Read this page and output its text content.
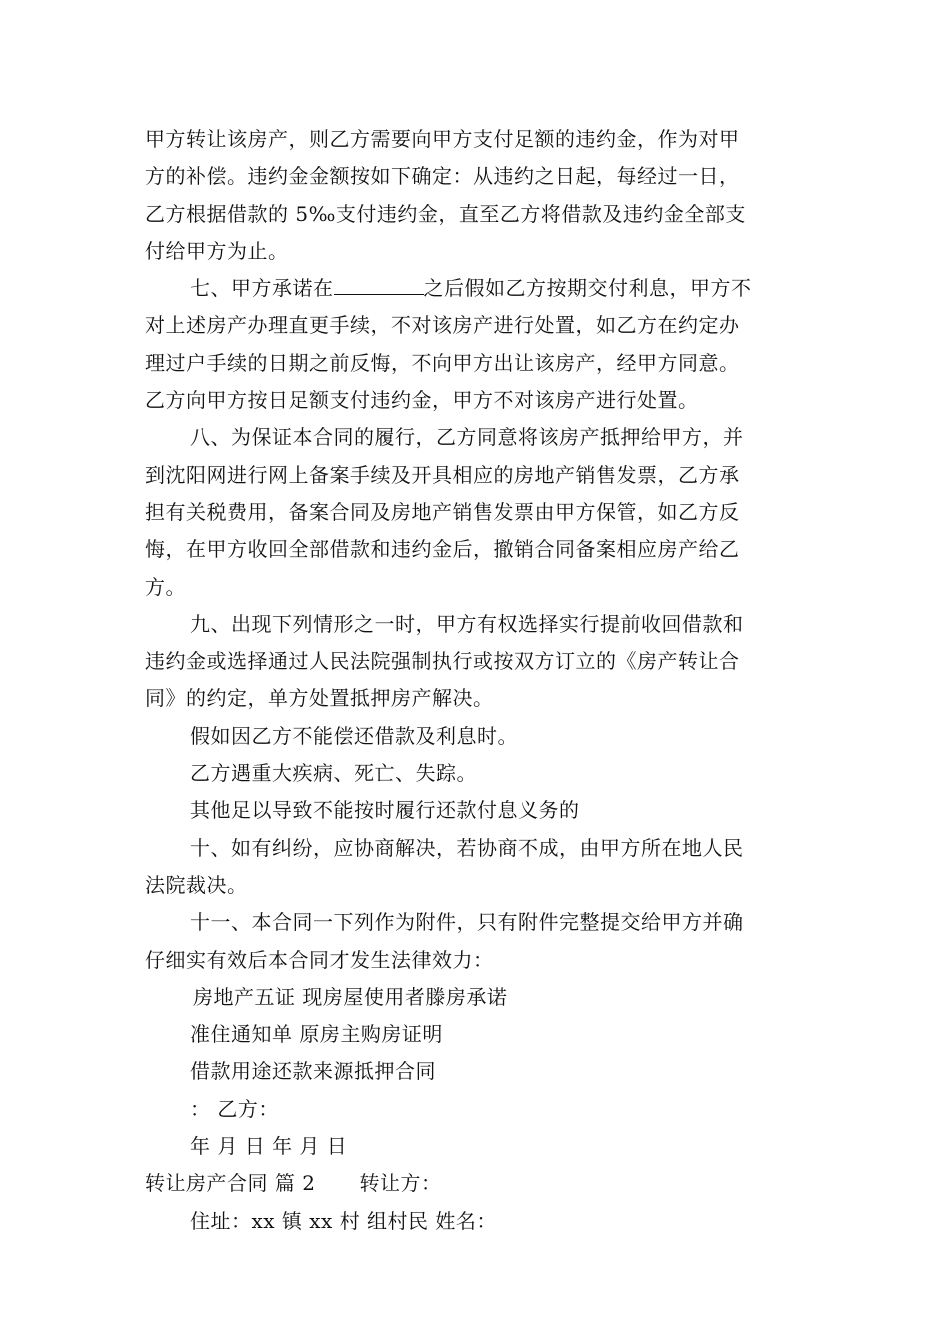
甲方转让该房产，则乙方需要向甲方支付足额的违约金，作为对甲
方的补偿。违约金金额按如下确定：从违约之日起，每经过一日，
乙方根据借款的 5‰支付违约金，直至乙方将借款及违约金全部支
付给甲方为止。
七、甲方承诺在	之后假如乙方按期交付利息，甲方不
对上述房产办理直更手续，不对该房产进行处置，如乙方在约定办
理过户手续的日期之前反悔，不向甲方出让该房产，经甲方同意。
乙方向甲方按日足额支付违约金，甲方不对该房产进行处置。
八、为保证本合同的履行，乙方同意将该房产抵押给甲方，并
到沈阳网进行网上备案手续及开具相应的房地产销售发票，乙方承
担有关税费用，备案合同及房地产销售发票由甲方保管，如乙方反
悔，在甲方收回全部借款和违约金后，撤销合同备案相应房产给乙
方。
九、出现下列情形之一时，甲方有权选择实行提前收回借款和
违约金或选择通过人民法院强制执行或按双方订立的《房产转让合
同》的约定，单方处置抵押房产解决。
假如因乙方不能偿还借款及利息时。
乙方遇重大疾病、死亡、失踪。
其他足以导致不能按时履行还款付息义务的
十、如有纠纷，应协商解决，若协商不成，由甲方所在地人民
法院裁决。
十一、本合同一下列作为附件，只有附件完整提交给甲方并确
仔细实有效后本合同才发生法律效力：
房地产五证 现房屋使用者滕房承诺
准住通知单 原房主购房证明
借款用途还款来源抵押合同
： 乙方：
年 月 日 年 月 日
转让房产合同 篇 2 转让方：
住址：xx 镇 xx 村 组村民 姓名：
